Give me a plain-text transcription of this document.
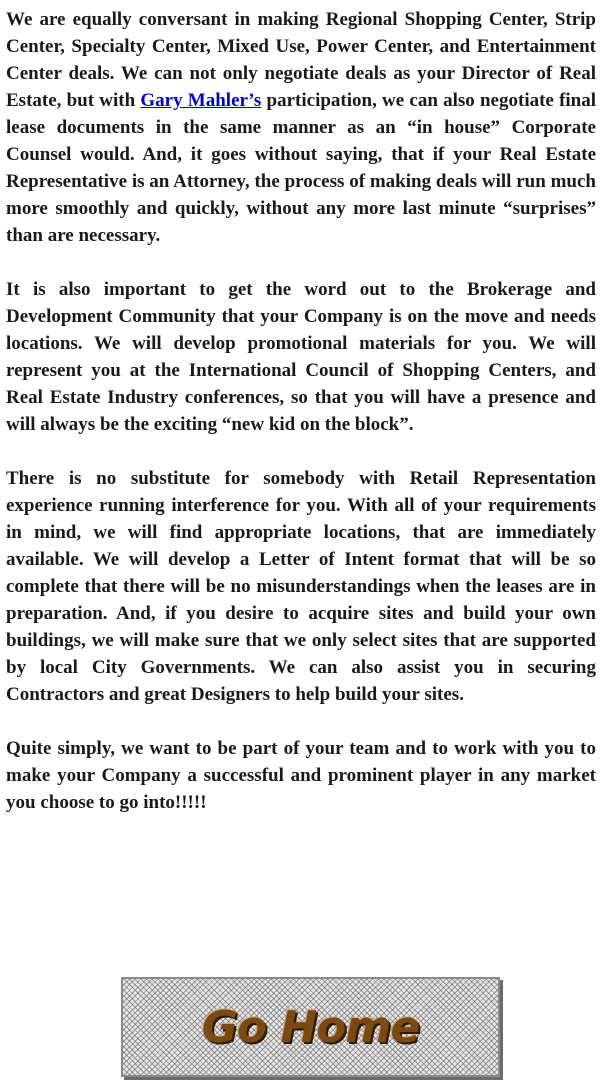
We are equally conversant in making Regional Shopping Center, Strip Center, Specialty Center, Mixed Use, Power Center, and Entertainment Center deals. We can not only negotiate deals as your Director of Real Estate, but with Gary Mahler’s participation, we can also negotiate final lease documents in the same manner as an “in house” Corporate Counsel would. And, it goes without saying, that if your Real Estate Representative is an Attorney, the process of making deals will run much more smoothly and quickly, without any more last minute “surprises” than are necessary.

It is also important to get the word out to the Brokerage and Development Community that your Company is on the move and needs locations. We will develop promotional materials for you. We will represent you at the International Council of Shopping Centers, and Real Estate Industry conferences, so that you will have a presence and will always be the exciting “new kid on the block”.

There is no substitute for somebody with Retail Representation experience running interference for you. With all of your requirements in mind, we will find appropriate locations, that are immediately available. We will develop a Letter of Intent format that will be so complete that there will be no misunderstandings when the leases are in preparation. And, if you desire to acquire sites and build your own buildings, we will make sure that we only select sites that are supported by local City Governments. We can also assist you in securing Contractors and great Designers to help build your sites.

Quite simply, we want to be part of your team and to work with you to make your Company a successful and prominent player in any market you choose to go into!!!!!

Go Home
